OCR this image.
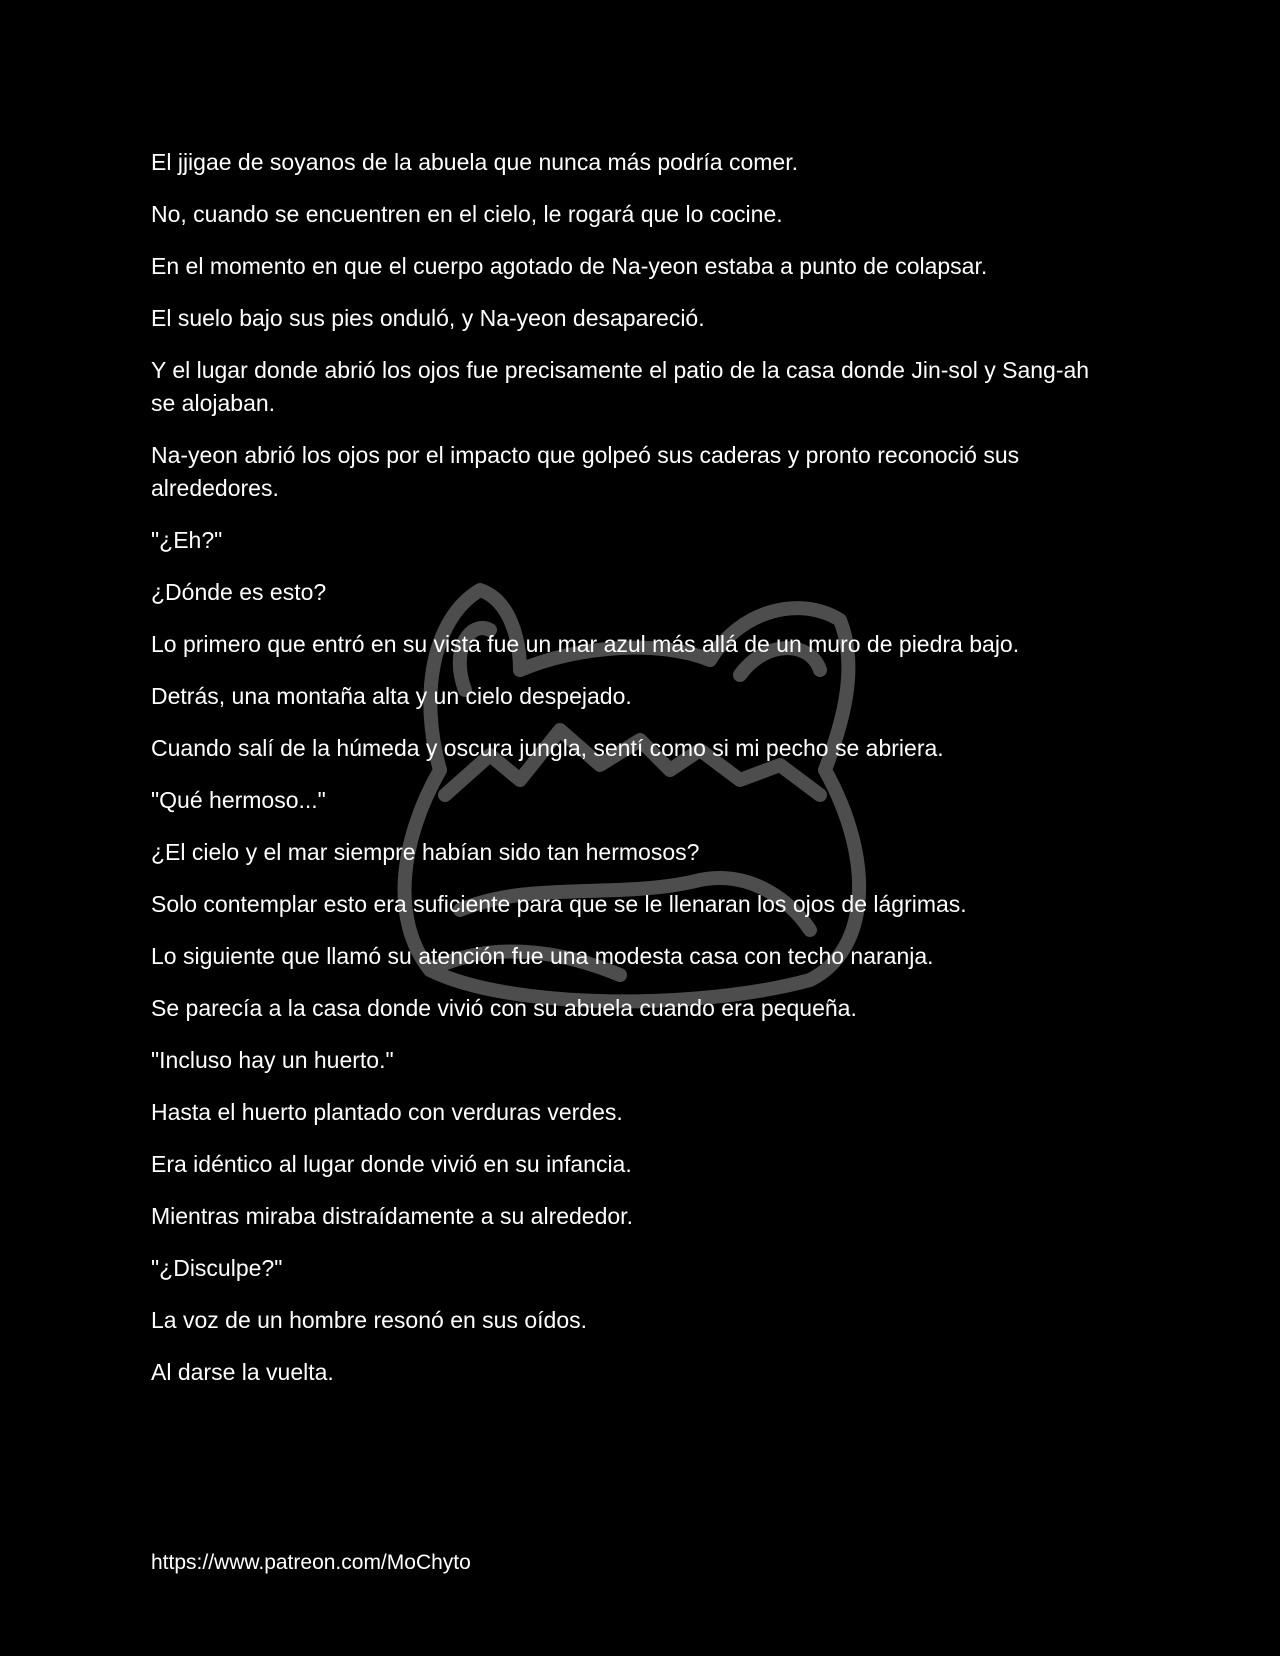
El jjigae de soyanos de la abuela que nunca más podría comer.

No, cuando se encuentren en el cielo, le rogará que lo cocine.

En el momento en que el cuerpo agotado de Na-yeon estaba a punto de colapsar.

El suelo bajo sus pies onduló, y Na-yeon desapareció.

Y el lugar donde abrió los ojos fue precisamente el patio de la casa donde Jin-sol y Sang-ah se alojaban.

Na-yeon abrió los ojos por el impacto que golpeó sus caderas y pronto reconoció sus alrededores.

"¿Eh?"

¿Dónde es esto?

Lo primero que entró en su vista fue un mar azul más allá de un muro de piedra bajo.

Detrás, una montaña alta y un cielo despejado.

Cuando salí de la húmeda y oscura jungla, sentí como si mi pecho se abriera.

"Qué hermoso..."

¿El cielo y el mar siempre habían sido tan hermosos?

Solo contemplar esto era suficiente para que se le llenaran los ojos de lágrimas.

Lo siguiente que llamó su atención fue una modesta casa con techo naranja.

Se parecía a la casa donde vivió con su abuela cuando era pequeña.

"Incluso hay un huerto."

Hasta el huerto plantado con verduras verdes.

Era idéntico al lugar donde vivió en su infancia.

Mientras miraba distraídamente a su alrededor.

"¿Disculpe?"

La voz de un hombre resonó en sus oídos.

Al darse la vuelta.

https://www.patreon.com/MoChyto
